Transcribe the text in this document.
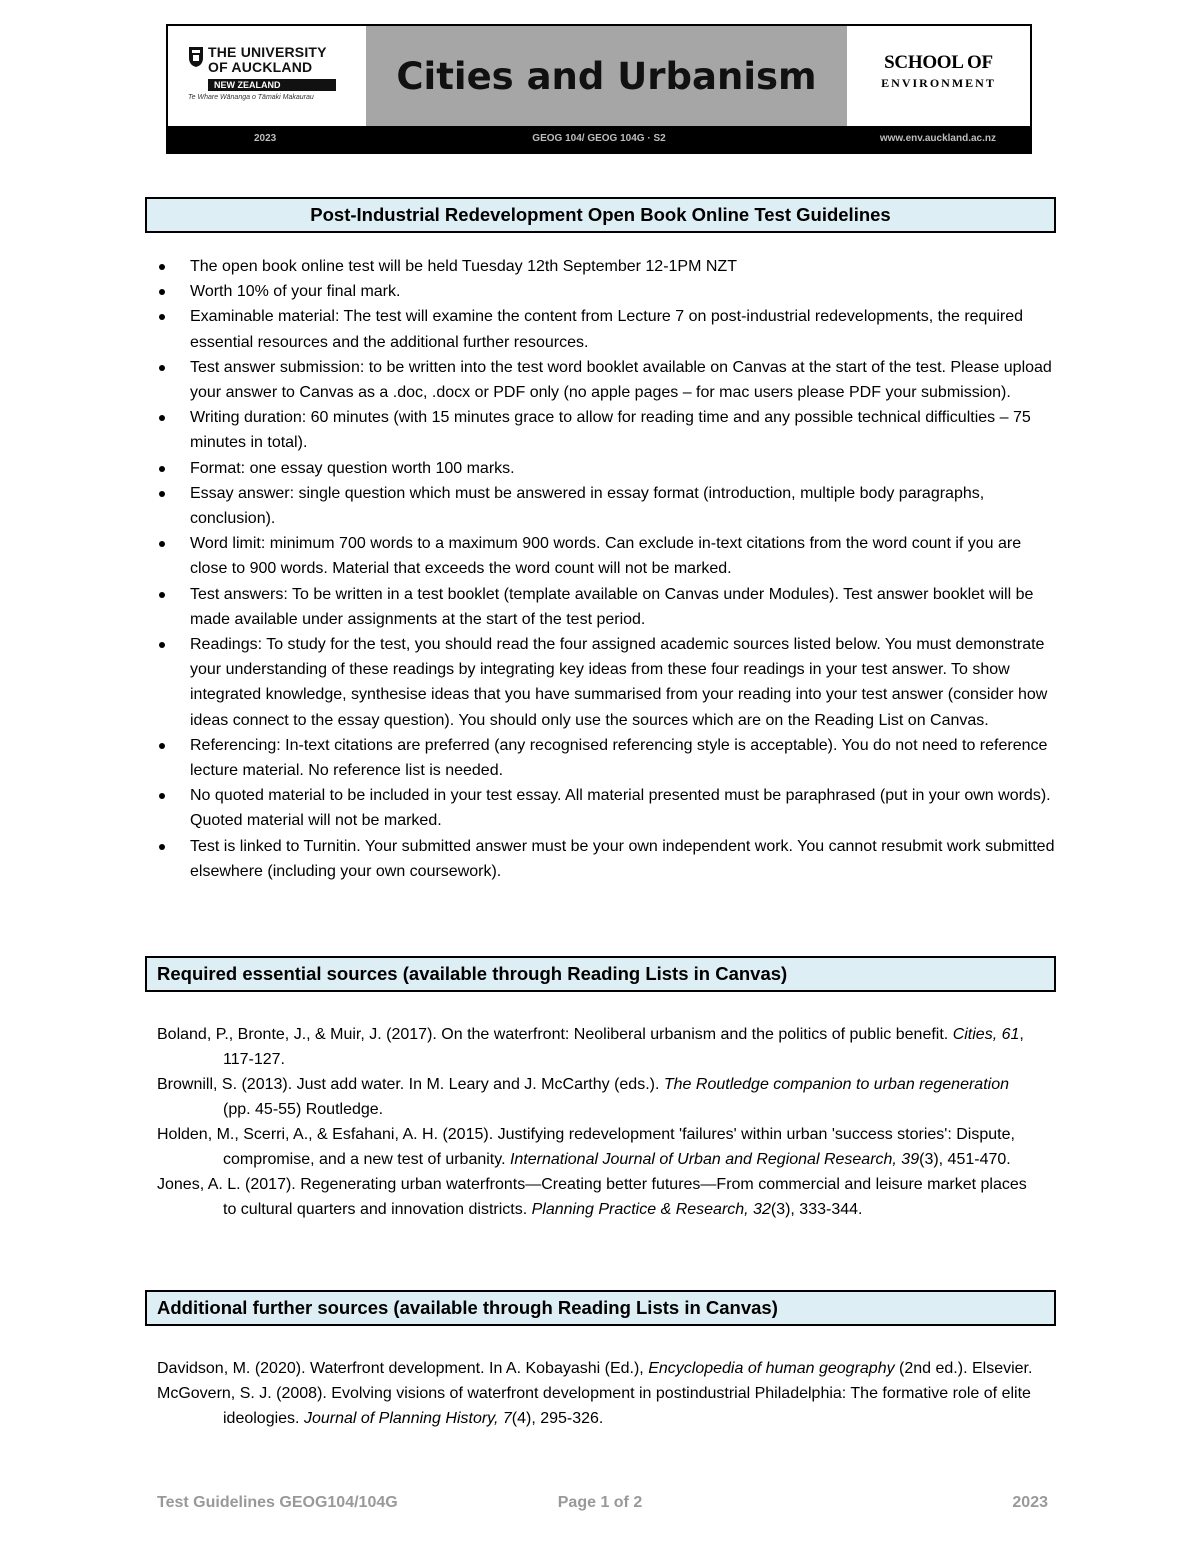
THE UNIVERSITY
OF AUCKLAND
NEW ZEALAND
Te Whare Wānanga o Tāmaki Makaurau Cities and Urbanism	SCHOOL OF
ENVIRONMENT
2023	GEOG 104/ GEOG 104G · S2	www.env.auckland.ac.nz
Post-Industrial Redevelopment Open Book Online Test Guidelines
The open book online test will be held Tuesday 12th September 12-1PM NZT
Worth 10% of your final mark.
Examinable material: The test will examine the content from Lecture 7 on post-industrial redevelopments, the required essential resources and the additional further resources.
Test answer submission: to be written into the test word booklet available on Canvas at the start of the test. Please upload your answer to Canvas as a .doc, .docx or PDF only (no apple pages – for mac users please PDF your submission).
Writing duration: 60 minutes (with 15 minutes grace to allow for reading time and any possible technical difficulties – 75 minutes in total).
Format: one essay question worth 100 marks.
Essay answer: single question which must be answered in essay format (introduction, multiple body paragraphs, conclusion).
Word limit: minimum 700 words to a maximum 900 words. Can exclude in-text citations from the word count if you are close to 900 words. Material that exceeds the word count will not be marked.
Test answers: To be written in a test booklet (template available on Canvas under Modules). Test answer booklet will be made available under assignments at the start of the test period.
Readings: To study for the test, you should read the four assigned academic sources listed below. You must demonstrate your understanding of these readings by integrating key ideas from these four readings in your test answer. To show integrated knowledge, synthesise ideas that you have summarised from your reading into your test answer (consider how ideas connect to the essay question). You should only use the sources which are on the Reading List on Canvas.
Referencing: In-text citations are preferred (any recognised referencing style is acceptable). You do not need to reference lecture material. No reference list is needed.
No quoted material to be included in your test essay. All material presented must be paraphrased (put in your own words). Quoted material will not be marked.
Test is linked to Turnitin. Your submitted answer must be your own independent work. You cannot resubmit work submitted elsewhere (including your own coursework).
Required essential sources (available through Reading Lists in Canvas)

Boland, P., Bronte, J., & Muir, J. (2017). On the waterfront: Neoliberal urbanism and the politics of public benefit. Cities, 61, 117-127.

Brownill, S. (2013). Just add water. In M. Leary and J. McCarthy (eds.). The Routledge companion to urban regeneration (pp. 45-55) Routledge.

Holden, M., Scerri, A., & Esfahani, A. H. (2015). Justifying redevelopment 'failures' within urban 'success stories': Dispute, compromise, and a new test of urbanity. International Journal of Urban and Regional Research, 39(3), 451-470.

Jones, A. L. (2017). Regenerating urban waterfronts—Creating better futures—From commercial and leisure market places to cultural quarters and innovation districts. Planning Practice & Research, 32(3), 333-344.

Additional further sources (available through Reading Lists in Canvas)

Davidson, M. (2020). Waterfront development. In A. Kobayashi (Ed.), Encyclopedia of human geography (2nd ed.). Elsevier.

McGovern, S. J. (2008). Evolving visions of waterfront development in postindustrial Philadelphia: The formative role of elite ideologies. Journal of Planning History, 7(4), 295-326.

Test Guidelines GEOG104/104G	Page 1 of 2	2023
